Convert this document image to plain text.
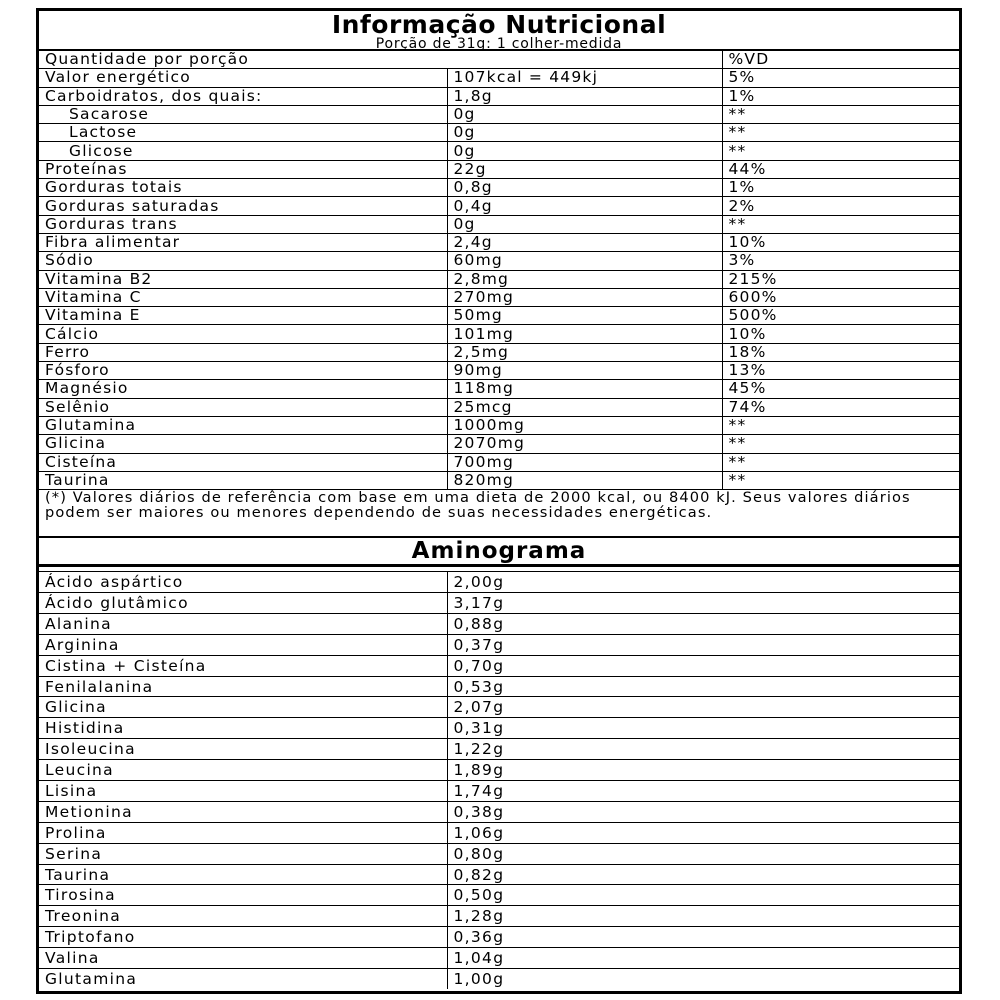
Informação Nutricional
Porção de 31g: 1 colher-medida
Quantidade por porção		%VD
Valor energético	107kcal = 449kj	5%
Carboidratos, dos quais:	1,8g	1%
Sacarose	0g	**
Lactose	0g	**
Glicose	0g	**
Proteínas	22g	44%
Gorduras totais	0,8g	1%
Gorduras saturadas	0,4g	2%
Gorduras trans	0g	**
Fibra alimentar	2,4g	10%
Sódio	60mg	3%
Vitamina B2	2,8mg	215%
Vitamina C	270mg	600%
Vitamina E	50mg	500%
Cálcio	101mg	10%
Ferro	2,5mg	18%
Fósforo	90mg	13%
Magnésio	118mg	45%
Selênio	25mcg	74%
Glutamina	1000mg	**
Glicina	2070mg	**
Cisteína	700mg	**
Taurina	820mg	**
(*) Valores diários de referência com base em uma dieta de 2000 kcal, ou 8400 kJ. Seus valores diários podem ser maiores ou menores dependendo de suas necessidades energéticas.
Aminograma

Ácido aspártico	2,00g
Ácido glutâmico	3,17g
Alanina	0,88g
Arginina	0,37g
Cistina + Cisteína	0,70g
Fenilalanina	0,53g
Glicina	2,07g
Histidina	0,31g
Isoleucina	1,22g
Leucina	1,89g
Lisina	1,74g
Metionina	0,38g
Prolina	1,06g
Serina	0,80g
Taurina	0,82g
Tirosina	0,50g
Treonina	1,28g
Triptofano	0,36g
Valina	1,04g
Glutamina	1,00g
